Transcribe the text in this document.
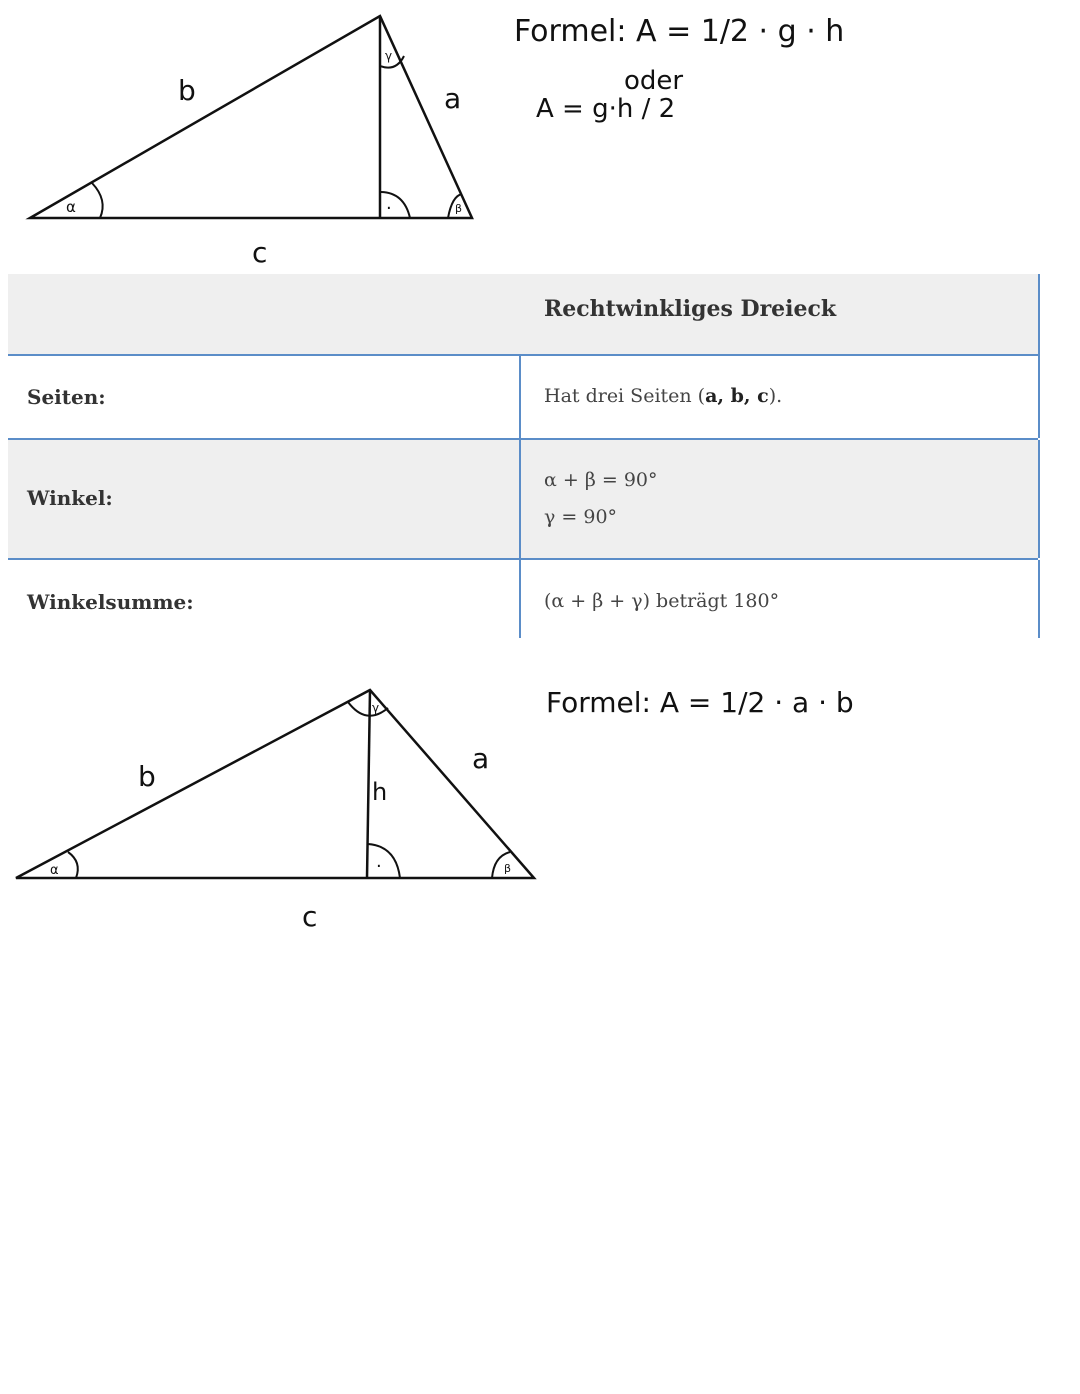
α	β
γ
·
b	a
c
Formel: A = 1/2 · g · h
oder
A = g·h / 2
Rechtwinkliges Dreieck
Seiten:	Hat drei Seiten (a, b, c).
Winkel:
α + β = 90°
γ = 90°
Winkelsumme:	(α + β + γ) beträgt 180°
α	β
γ
·
b
a
h
c
Formel: A = 1/2 · a · b
